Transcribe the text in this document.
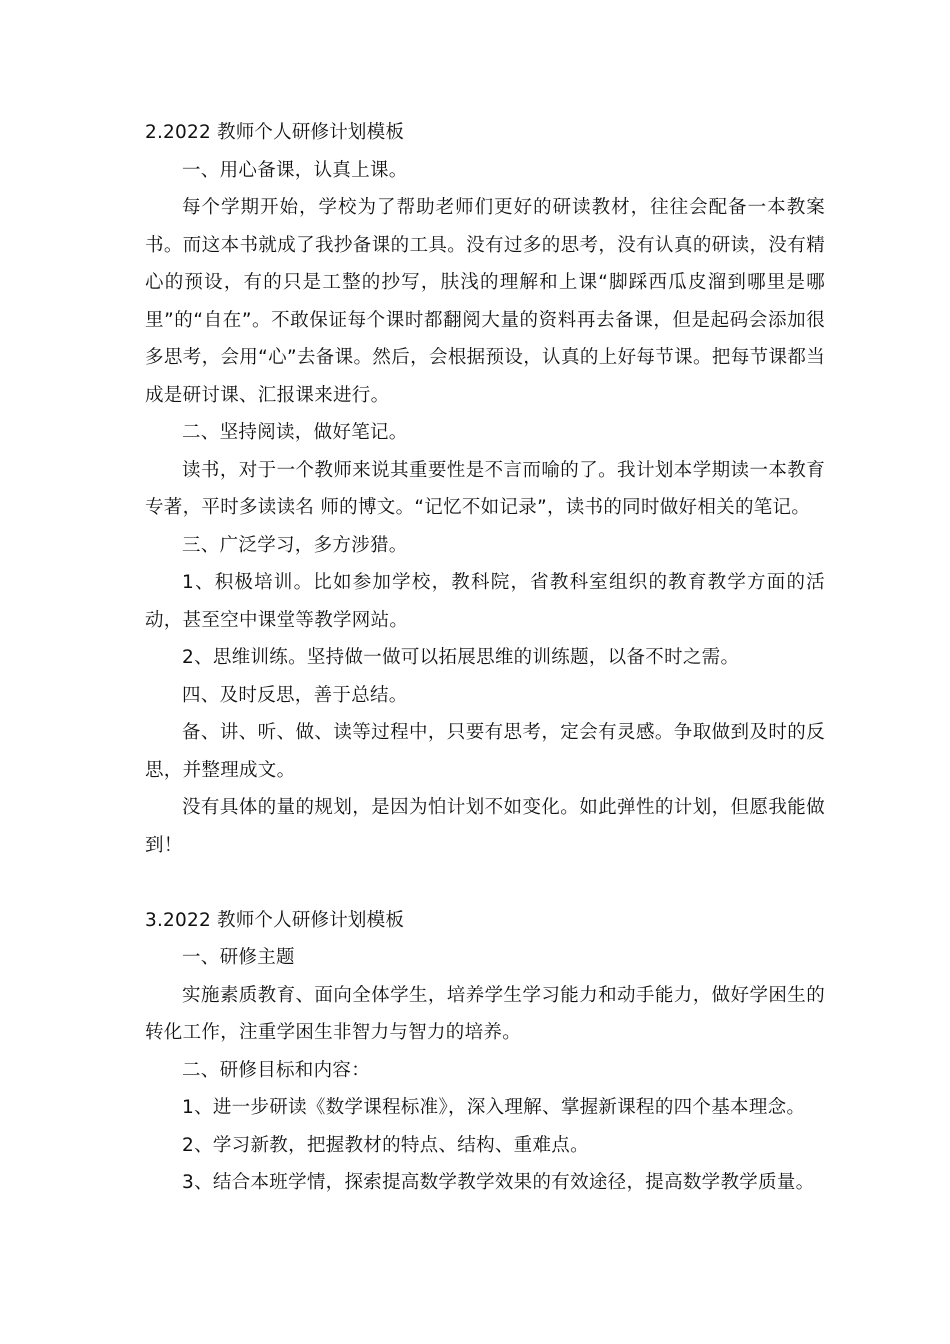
2.2022 教师个人研修计划模板

一、用心备课，认真上课。

每个学期开始，学校为了帮助老师们更好的研读教材，往往会配备一本教案书。而这本书就成了我抄备课的工具。没有过多的思考，没有认真的研读，没有精心的预设，有的只是工整的抄写，肤浅的理解和上课“脚踩西瓜皮溜到哪里是哪里”的“自在”。不敢保证每个课时都翻阅大量的资料再去备课，但是起码会添加很多思考，会用“心”去备课。然后，会根据预设，认真的上好每节课。把每节课都当成是研讨课、汇报课来进行。

二、坚持阅读，做好笔记。

读书，对于一个教师来说其重要性是不言而喻的了。我计划本学期读一本教育专著，平时多读读名 师的博文。“记忆不如记录”，读书的同时做好相关的笔记。

三、广泛学习，多方涉猎。

1、积极培训。比如参加学校，教科院，省教科室组织的教育教学方面的活动，甚至空中课堂等教学网站。

2、思维训练。坚持做一做可以拓展思维的训练题，以备不时之需。

四、及时反思，善于总结。

备、讲、听、做、读等过程中，只要有思考，定会有灵感。争取做到及时的反思，并整理成文。

没有具体的量的规划，是因为怕计划不如变化。如此弹性的计划，但愿我能做到！

3.2022 教师个人研修计划模板

一、研修主题

实施素质教育、面向全体学生，培养学生学习能力和动手能力，做好学困生的转化工作，注重学困生非智力与智力的培养。

二、研修目标和内容：

1、进一步研读《数学课程标准》，深入理解、掌握新课程的四个基本理念。

2、学习新教，把握教材的特点、结构、重难点。

3、结合本班学情，探索提高数学教学效果的有效途径，提高数学教学质量。
